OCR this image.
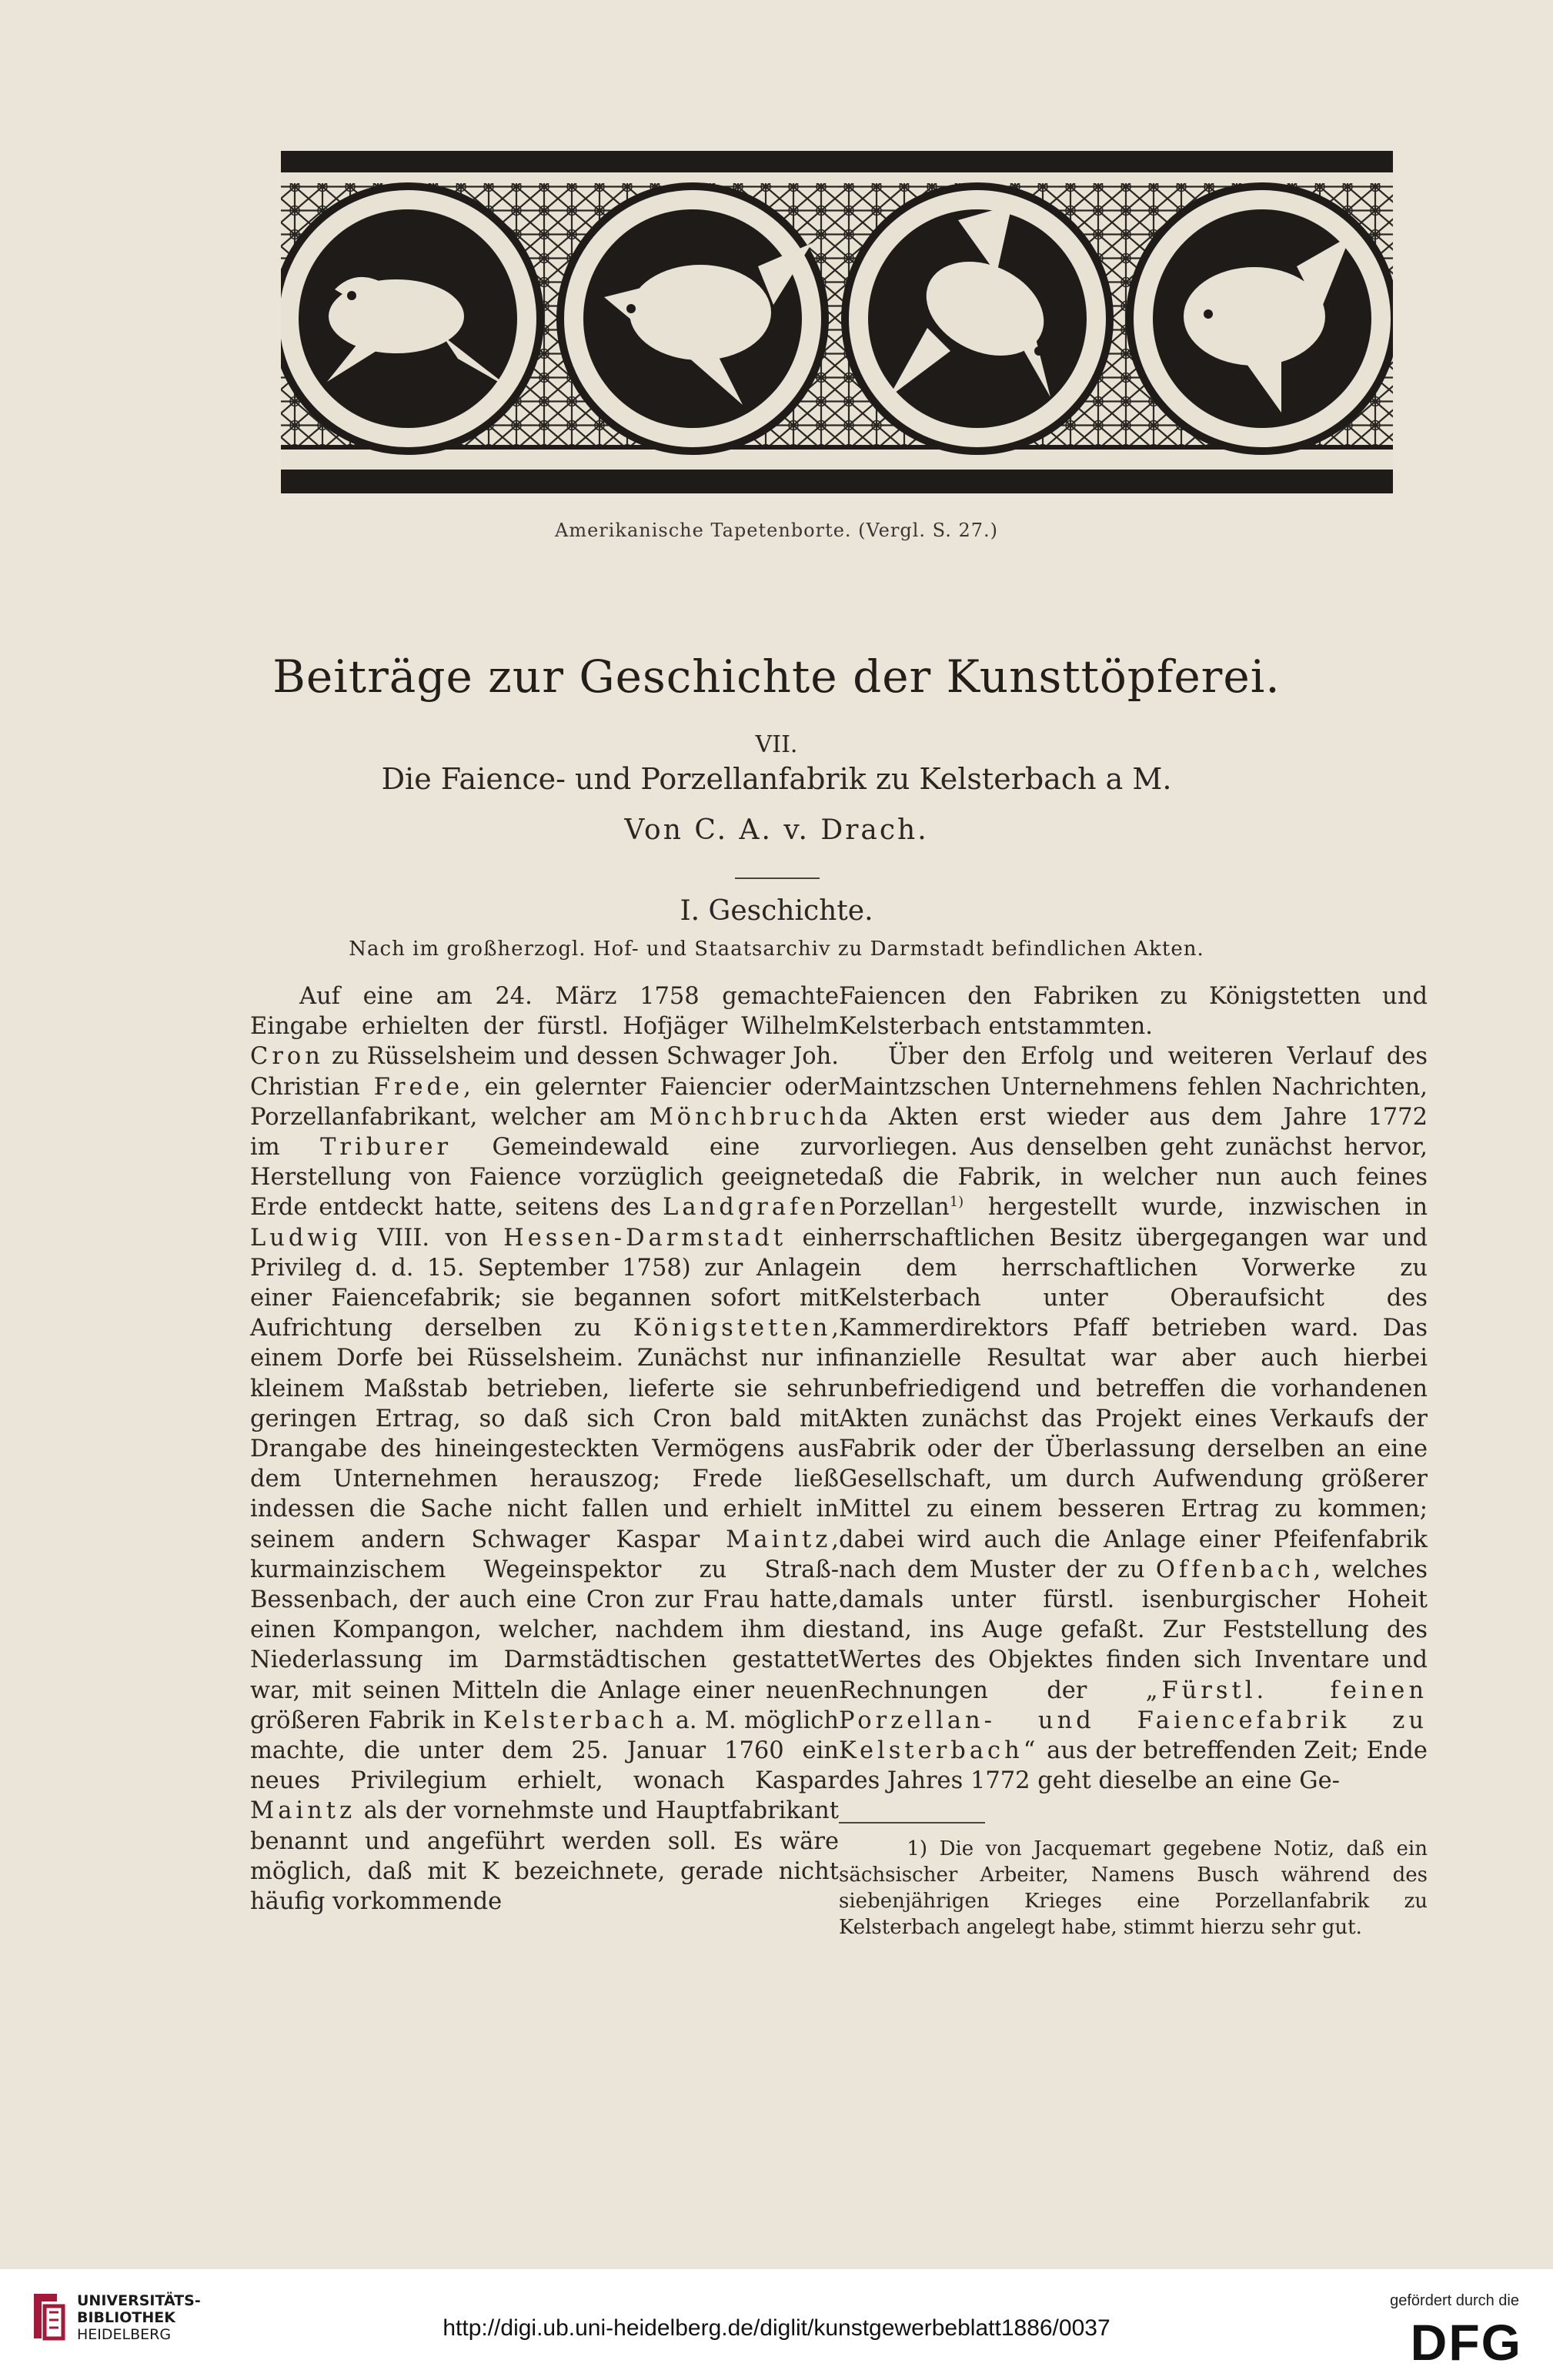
Amerikanische Tapetenborte. (Vergl. S. 27.)
Beiträge zur Geschichte der Kunsttöpferei.
VII.
Die Faience- und Porzellanfabrik zu Kelsterbach a M.
Von C. A. v. Drach.
I. Geschichte.
Nach im großherzogl. Hof- und Staatsarchiv zu Darmstadt befindlichen Akten.

Auf eine am 24. März 1758 gemachte Eingabe erhielten der fürstl. Hofjäger Wilhelm Cron zu Rüsselsheim und dessen Schwager Joh. Christian Frede, ein gelernter Faiencier oder Porzellanfabrikant, welcher am Mönchbruch im Triburer Gemeindewald eine zur Herstellung von Faience vorzüglich geeignete Erde entdeckt hatte, seitens des Landgrafen Ludwig VIII. von Hessen-Darmstadt ein Privileg d. d. 15. September 1758) zur Anlage einer Faiencefabrik; sie begannen sofort mit Aufrichtung derselben zu Königstetten, einem Dorfe bei Rüsselsheim. Zunächst nur in kleinem Maßstab betrieben, lieferte sie sehr geringen Ertrag, so daß sich Cron bald mit Drangabe des hineingesteckten Vermögens aus dem Unternehmen herauszog; Frede ließ indessen die Sache nicht fallen und erhielt in seinem andern Schwager Kaspar Maintz, kurmainzischem Wegeinspektor zu Straß-Bessenbach, der auch eine Cron zur Frau hatte, einen Kompangon, welcher, nachdem ihm die Niederlassung im Darmstädtischen gestattet war, mit seinen Mitteln die Anlage einer neuen größeren Fabrik in Kelsterbach a. M. möglich machte, die unter dem 25. Januar 1760 ein neues Privilegium erhielt, wonach Kaspar Maintz als der vornehmste und Hauptfabrikant benannt und angeführt werden soll. Es wäre möglich, daß mit K bezeichnete, gerade nicht häufig vorkommende

Faiencen den Fabriken zu Königstetten und Kelsterbach entstammten.

Über den Erfolg und weiteren Verlauf des Maintzschen Unternehmens fehlen Nachrichten, da Akten erst wieder aus dem Jahre 1772 vorliegen. Aus denselben geht zunächst hervor, daß die Fabrik, in welcher nun auch feines Porzellan$^{1)}$ hergestellt wurde, inzwischen in herrschaftlichen Besitz übergegangen war und in dem herrschaftlichen Vorwerke zu Kelsterbach unter Oberaufsicht des Kammerdirektors Pfaff betrieben ward. Das finanzielle Resultat war aber auch hierbei unbefriedigend und betreffen die vorhandenen Akten zunächst das Projekt eines Verkaufs der Fabrik oder der Überlassung derselben an eine Gesellschaft, um durch Aufwendung größerer Mittel zu einem besseren Ertrag zu kommen; dabei wird auch die Anlage einer Pfeifenfabrik nach dem Muster der zu Offenbach, welches damals unter fürstl. isenburgischer Hoheit stand, ins Auge gefaßt. Zur Feststellung des Wertes des Objektes finden sich Inventare und Rechnungen der „Fürstl. feinen Porzellan- und Faiencefabrik zu Kelsterbach“ aus der betreffenden Zeit; Ende des Jahres 1772 geht dieselbe an eine Ge-

1) Die von Jacquemart gegebene Notiz, daß ein sächsischer Arbeiter, Namens Busch während des siebenjährigen Krieges eine Porzellanfabrik zu Kelsterbach angelegt habe, stimmt hierzu sehr gut.

UNIVERSITÄTS-
BIBLIOTHEK
HEIDELBERG	http://digi.ub.uni-heidelberg.de/diglit/kunstgewerbeblatt1886/0037
gefördert durch die
DFG
